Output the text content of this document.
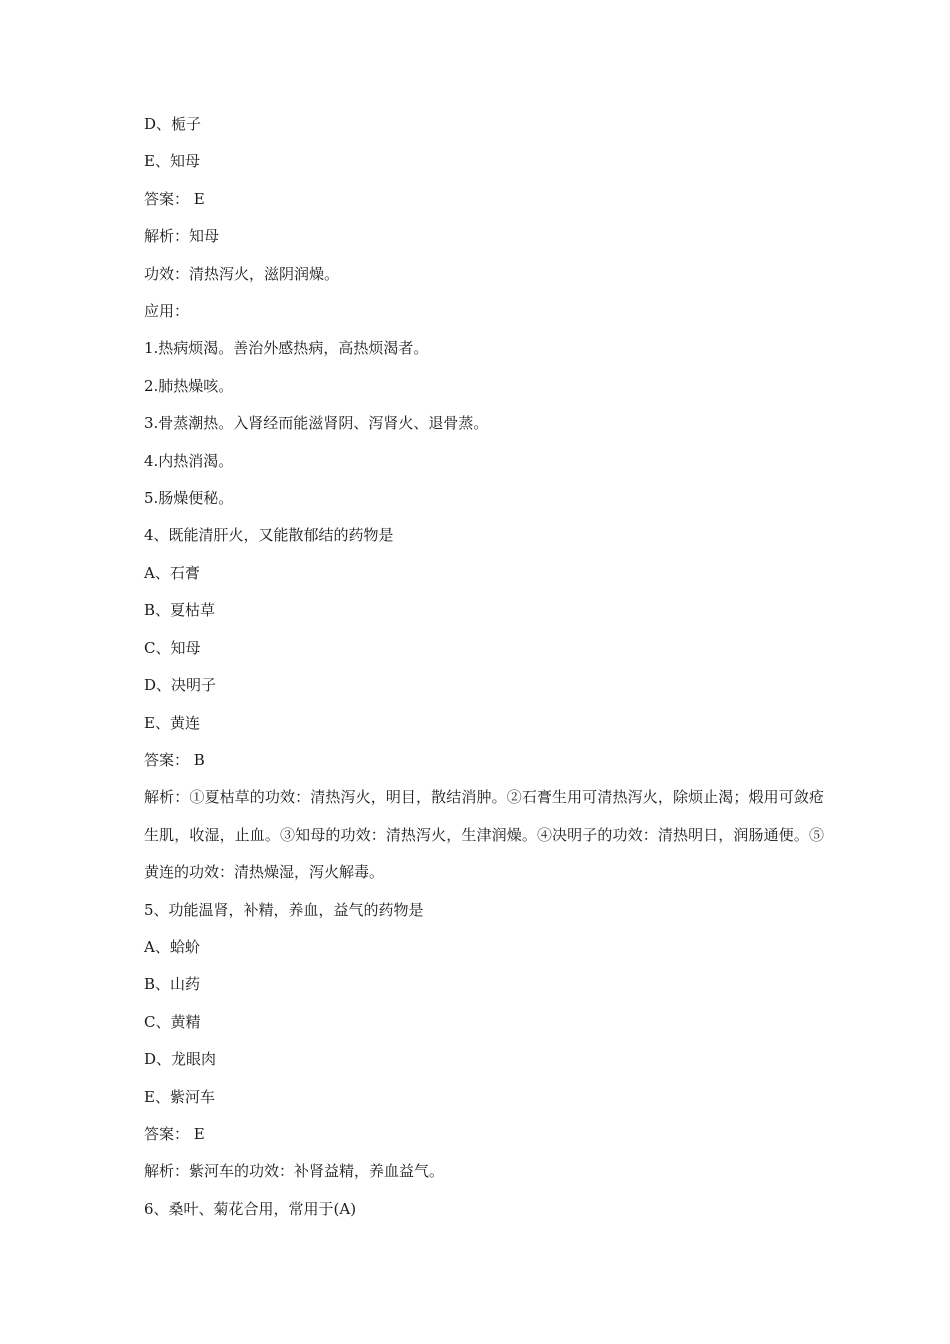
D、栀子

E、知母

答案： E

解析：知母

功效：清热泻火，滋阴润燥。

应用：

1.热病烦渴。善治外感热病，高热烦渴者。

2.肺热燥咳。

3.骨蒸潮热。入肾经而能滋肾阴、泻肾火、退骨蒸。

4.内热消渴。

5.肠燥便秘。

4、既能清肝火，又能散郁结的药物是

A、石膏

B、夏枯草

C、知母

D、决明子

E、黄连

答案： B

解析：①夏枯草的功效：清热泻火，明目，散结消肿。②石膏生用可清热泻火，除烦止渴；煅用可敛疮生肌，收湿，止血。③知母的功效：清热泻火，生津润燥。④决明子的功效：清热明日，润肠通便。⑤黄连的功效：清热燥湿，泻火解毒。

5、功能温肾，补精，养血，益气的药物是

A、蛤蚧

B、山药

C、黄精

D、龙眼肉

E、紫河车

答案： E

解析：紫河车的功效：补肾益精，养血益气。

6、桑叶、菊花合用，常用于(A)
